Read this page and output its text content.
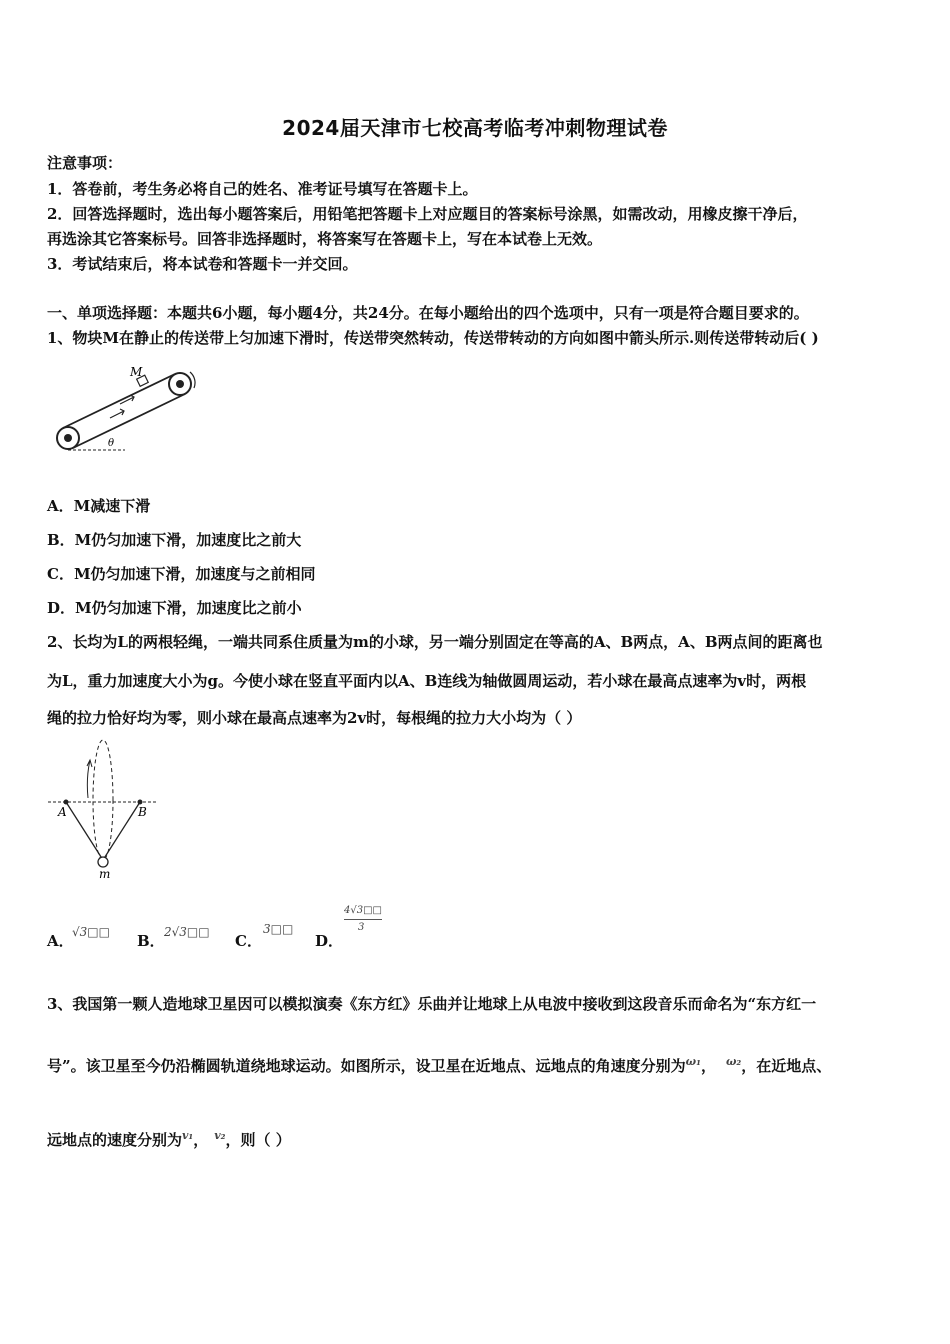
2024届天津市七校高考临考冲刺物理试卷
注意事项：
1．答卷前，考生务必将自己的姓名、准考证号填写在答题卡上。
2．回答选择题时，选出每小题答案后，用铅笔把答题卡上对应题目的答案标号涂黑，如需改动，用橡皮擦干净后，
再选涂其它答案标号。回答非选择题时，将答案写在答题卡上，写在本试卷上无效。
3．考试结束后，将本试卷和答题卡一并交回。
一、单项选择题：本题共6小题，每小题4分，共24分。在每小题给出的四个选项中，只有一项是符合题目要求的。
1、物块M在静止的传送带上匀加速下滑时，传送带突然转动，传送带转动的方向如图中箭头所示.则传送带转动后( )
M
θ
A．M减速下滑
B．M仍匀加速下滑，加速度比之前大
C．M仍匀加速下滑，加速度与之前相同
D．M仍匀加速下滑，加速度比之前小
2、长均为L的两根轻绳，一端共同系住质量为m的小球，另一端分别固定在等高的A、B两点，A、B两点间的距离也
为L，重力加速度大小为g。今使小球在竖直平面内以A、B连线为轴做圆周运动，若小球在最高点速率为v时，两根
绳的拉力恰好均为零，则小球在最高点速率为2v时，每根绳的拉力大小均为（ ）
A	B
m
A．
√3□□ B． 2√3□□ C．
3□□
D．
4√3□□
3
3、我国第一颗人造地球卫星因可以模拟演奏《东方红》乐曲并让地球上从电波中接收到这段音乐而命名为“东方红一
号”。该卫星至今仍沿椭圆轨道绕地球运动。如图所示，设卫星在近地点、远地点的角速度分别为$^{\omega_1}$， $^{\omega_2}$，在近地点、
远地点的速度分别为$^{v_1}$， $^{v_2}$，则（ ）
